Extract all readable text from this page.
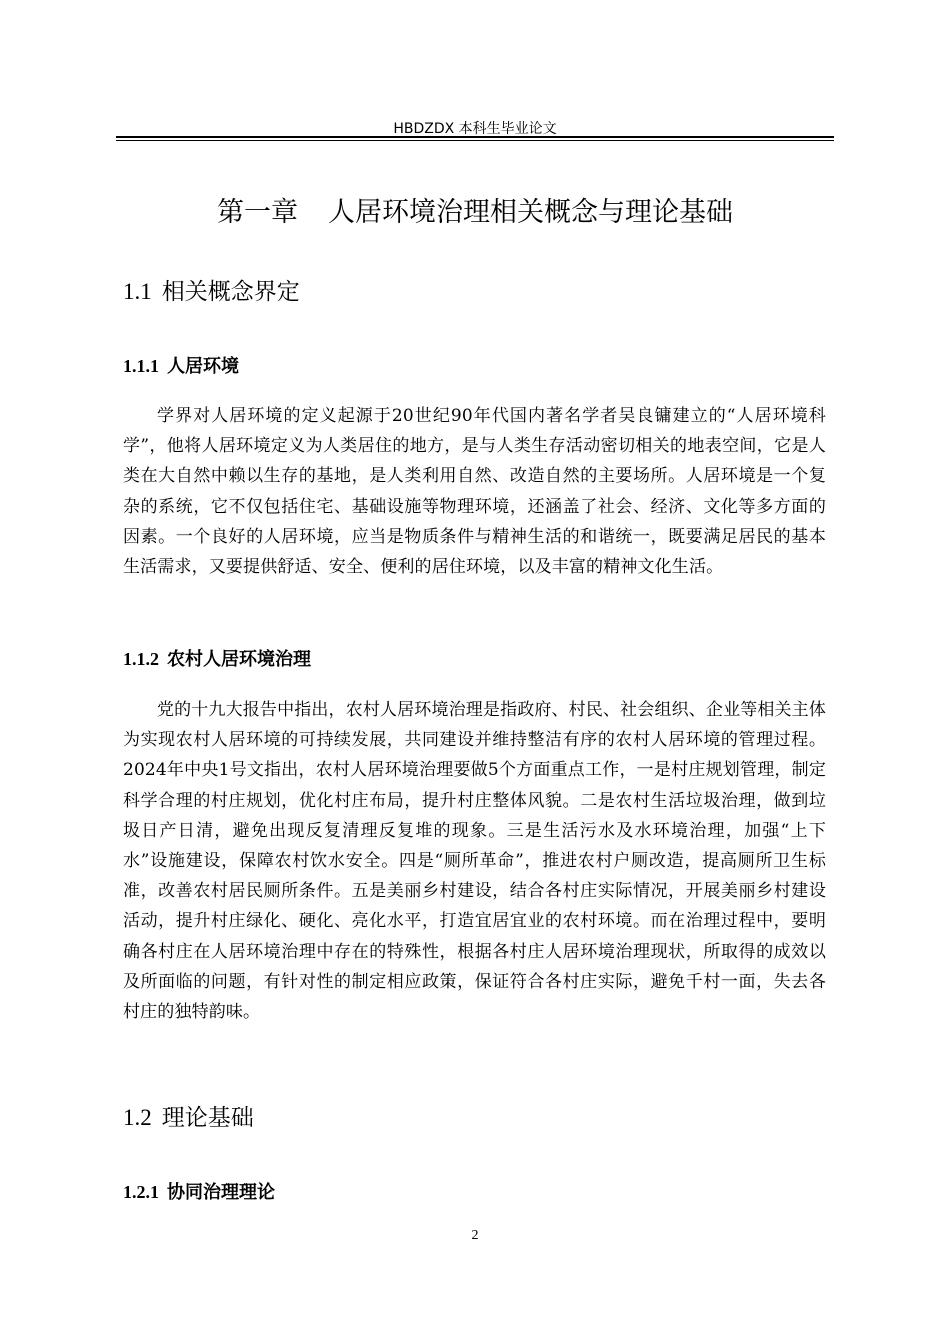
HBDZDX 本科生毕业论文
第一章 人居环境治理相关概念与理论基础
1.1 相关概念界定
1.1.1 人居环境

学界对人居环境的定义起源于20世纪90年代国内著名学者吴良镛建立的“人居环境科学”，他将人居环境定义为人类居住的地方，是与人类生存活动密切相关的地表空间，它是人类在大自然中赖以生存的基地，是人类利用自然、改造自然的主要场所。人居环境是一个复杂的系统，它不仅包括住宅、基础设施等物理环境，还涵盖了社会、经济、文化等多方面的因素。一个良好的人居环境，应当是物质条件与精神生活的和谐统一，既要满足居民的基本生活需求，又要提供舒适、安全、便利的居住环境，以及丰富的精神文化生活。

1.1.2 农村人居环境治理

党的十九大报告中指出，农村人居环境治理是指政府、村民、社会组织、企业等相关主体为实现农村人居环境的可持续发展，共同建设并维持整洁有序的农村人居环境的管理过程。2024年中央1号文指出，农村人居环境治理要做5个方面重点工作，一是村庄规划管理，制定科学合理的村庄规划，优化村庄布局，提升村庄整体风貌。二是农村生活垃圾治理，做到垃圾日产日清，避免出现反复清理反复堆的现象。三是生活污水及水环境治理，加强“上下水”设施建设，保障农村饮水安全。四是“厕所革命”，推进农村户厕改造，提高厕所卫生标准，改善农村居民厕所条件。五是美丽乡村建设，结合各村庄实际情况，开展美丽乡村建设活动，提升村庄绿化、硬化、亮化水平，打造宜居宜业的农村环境。而在治理过程中，要明确各村庄在人居环境治理中存在的特殊性，根据各村庄人居环境治理现状，所取得的成效以及所面临的问题，有针对性的制定相应政策，保证符合各村庄实际，避免千村一面，失去各村庄的独特韵味。

1.2 理论基础
1.2.1 协同治理理论
2
